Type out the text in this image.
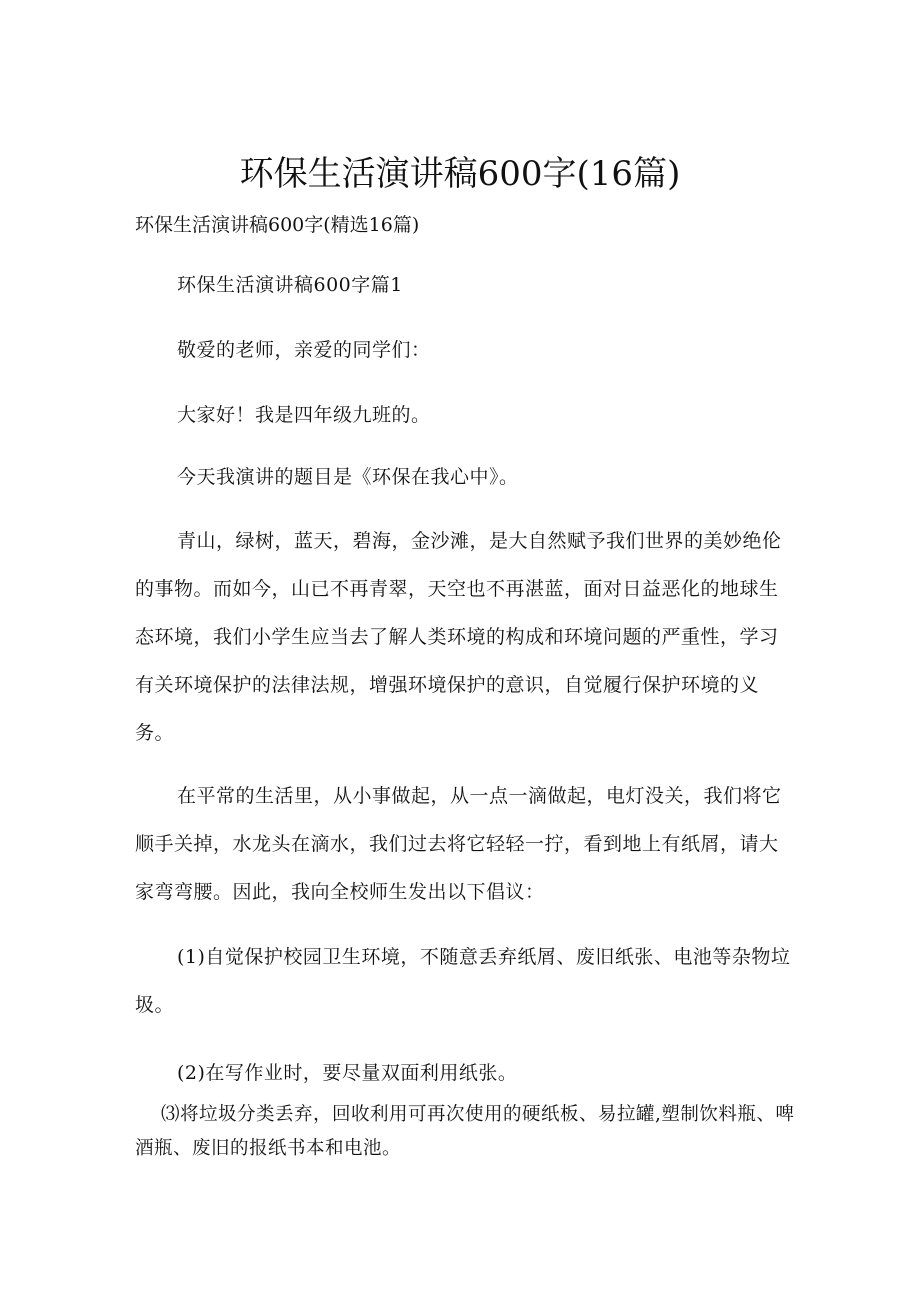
环保生活演讲稿600字(16篇)

环保生活演讲稿600字(精选16篇)

环保生活演讲稿600字篇1

敬爱的老师，亲爱的同学们：

大家好！我是四年级九班的。

今天我演讲的题目是《环保在我心中》。

青山，绿树，蓝天，碧海，金沙滩，是大自然赋予我们世界的美妙绝伦的事物。而如今，山已不再青翠，天空也不再湛蓝，面对日益恶化的地球生态环境，我们小学生应当去了解人类环境的构成和环境问题的严重性，学习有关环境保护的法律法规，增强环境保护的意识，自觉履行保护环境的义务。

在平常的生活里，从小事做起，从一点一滴做起，电灯没关，我们将它顺手关掉，水龙头在滴水，我们过去将它轻轻一拧，看到地上有纸屑，请大家弯弯腰。因此，我向全校师生发出以下倡议：

(1)自觉保护校园卫生环境，不随意丢弃纸屑、废旧纸张、电池等杂物垃圾。

(2)在写作业时，要尽量双面利用纸张。

⑶将垃圾分类丢弃，回收利用可再次使用的硬纸板、易拉罐,塑制饮料瓶、啤酒瓶、废旧的报纸书本和电池。
